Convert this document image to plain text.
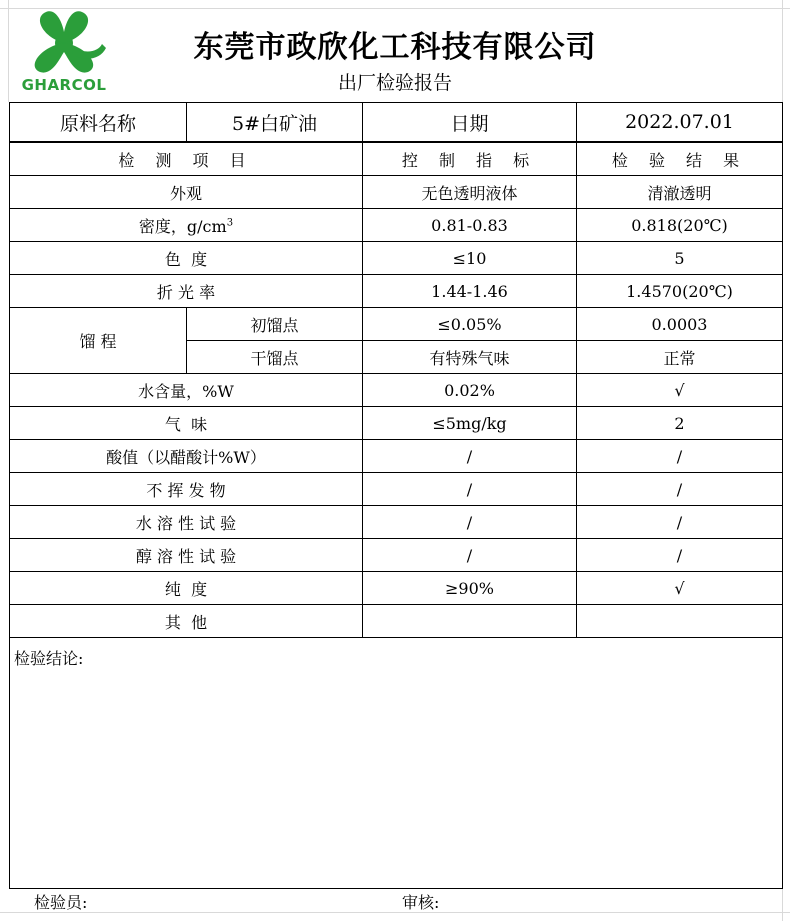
GHARCOL
东莞市政欣化工科技有限公司
出厂检验报告
原料名称	5#白矿油	日期	2022.07.01
检 测 项 目		控 制 指 标	检 验 结 果
外观		无色透明液体	清澈透明
密度，$g/cm^3$		0.81-0.83	0.818(20℃)
色  度		≤10	5
折 光 率		1.44-1.46	1.4570(20℃)
馏 程	初馏点	≤0.05%	0.0003
	干馏点	有特殊气味	正常
水含量，%W		0.02%	√
气  味		≤5mg/kg	2
酸值（以醋酸计%W）		/	/
不 挥 发 物		/	/
水 溶 性 试 验		/	/
醇 溶 性 试 验		/	/
纯  度		≥90%	√
其  他			
检验结论:			
检验员:	审核:
